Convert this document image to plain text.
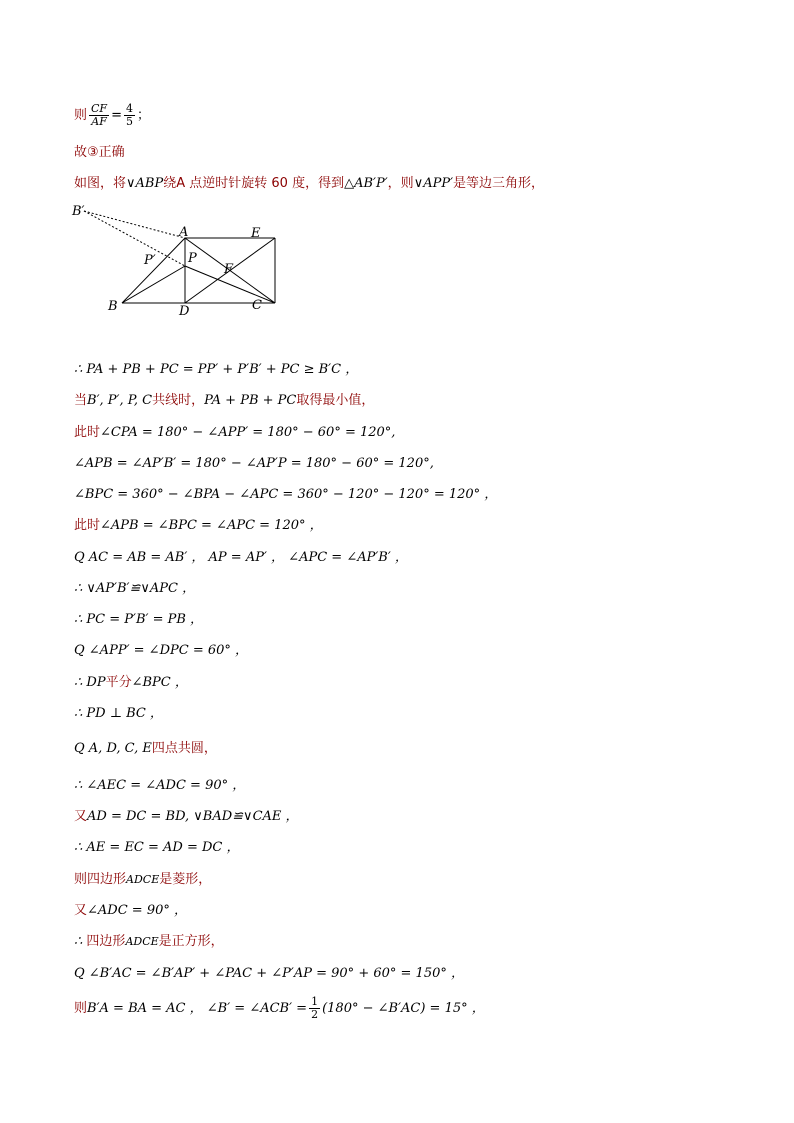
则 $\frac{CF}{AF} = \frac{4}{5}$ ；
故③正确
如图，将∨ABP绕A 点逆时针旋转 60 度，得到△AB′P′，则∨APP′是等边三角形，
B′
A	E
P′ P
F
B	D	C
∴ PA + PB + PC = PP′ + P′B′ + PC ≥ B′C ，
当B′, P′, P, C共线时，PA + PB + PC取得最小值，
此时∠CPA = 180° − ∠APP′ = 180° − 60° = 120°,
∠APB = ∠AP′B′ = 180° − ∠AP′P = 180° − 60° = 120°,
∠BPC = 360° − ∠BPA − ∠APC = 360° − 120° − 120° = 120° ，
此时∠APB = ∠BPC = ∠APC = 120° ，
Q AC = AB = AB′ ， AP = AP′ ， ∠APC = ∠AP′B′ ，
∴ ∨AP′B′≌∨APC ，
∴ PC = P′B′ = PB ，
Q ∠APP′ = ∠DPC = 60° ，
∴ DP平分∠BPC ，
∴ PD ⊥ BC ，
Q A, D, C, E四点共圆，
∴ ∠AEC = ∠ADC = 90° ，
又AD = DC = BD, ∨BAD≌∨CAE ，
∴ AE = EC = AD = DC ，
则四边形ADCE是菱形，
又∠ADC = 90° ，
∴ 四边形ADCE是正方形，
Q ∠B′AC = ∠B′AP′ + ∠PAC + ∠P′AP = 90° + 60° = 150° ，
则B′A = BA = AC ， ∠B′ = ∠ACB′ = $\frac{1}{2} (180^\circ$ − ∠B′AC) = 15° ，
